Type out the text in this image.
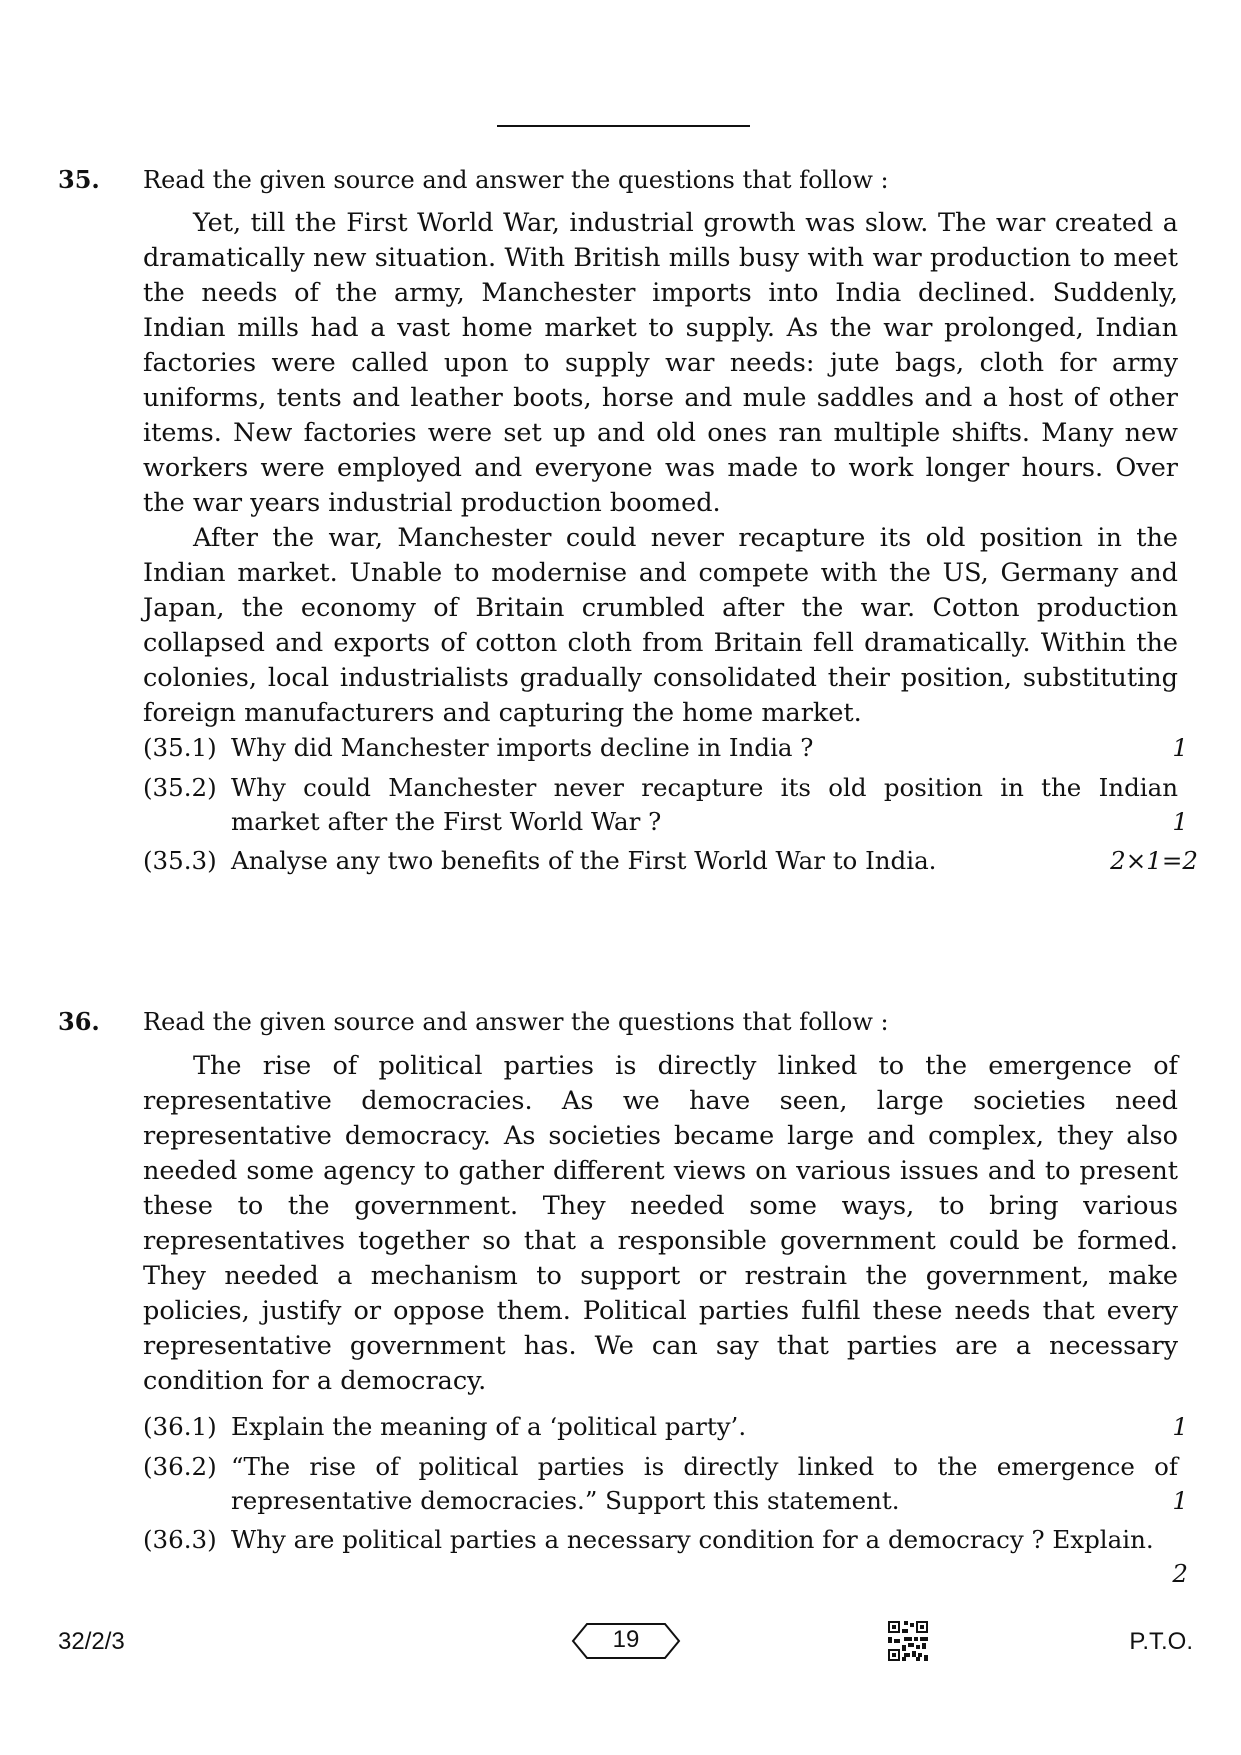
35. Read the given source and answer the questions that follow :

Yet, till the First World War, industrial growth was slow. The war created a dramatically new situation. With British mills busy with war production to meet the needs of the army, Manchester imports into India declined. Suddenly, Indian mills had a vast home market to supply. As the war prolonged, Indian factories were called upon to supply war needs: jute bags, cloth for army uniforms, tents and leather boots, horse and mule saddles and a host of other items. New factories were set up and old ones ran multiple shifts. Many new workers were employed and everyone was made to work longer hours. Over the war years industrial production boomed.

After the war, Manchester could never recapture its old position in the Indian market. Unable to modernise and compete with the US, Germany and Japan, the economy of Britain crumbled after the war. Cotton production collapsed and exports of cotton cloth from Britain fell dramatically. Within the colonies, local industrialists gradually consolidated their position, substituting foreign manufacturers and capturing the home market.

(35.1) Why did Manchester imports decline in India ?	1
(35.2) Why could Manchester never recapture its old position in the Indian market after the First World War ?	1
(35.3) Analyse any two benefits of the First World War to India.	2×1=2
36. Read the given source and answer the questions that follow :

The rise of political parties is directly linked to the emergence of representative democracies. As we have seen, large societies need representative democracy. As societies became large and complex, they also needed some agency to gather different views on various issues and to present these to the government. They needed some ways, to bring various representatives together so that a responsible government could be formed. They needed a mechanism to support or restrain the government, make policies, justify or oppose them. Political parties fulfil these needs that every representative government has. We can say that parties are a necessary condition for a democracy.

(36.1) Explain the meaning of a ‘political party’.	1
(36.2) “The rise of political parties is directly linked to the emergence of representative democracies.” Support this statement.	1
(36.3) Why are political parties a necessary condition for a democracy ? Explain.
2
32/2/3	19	P.T.O.
